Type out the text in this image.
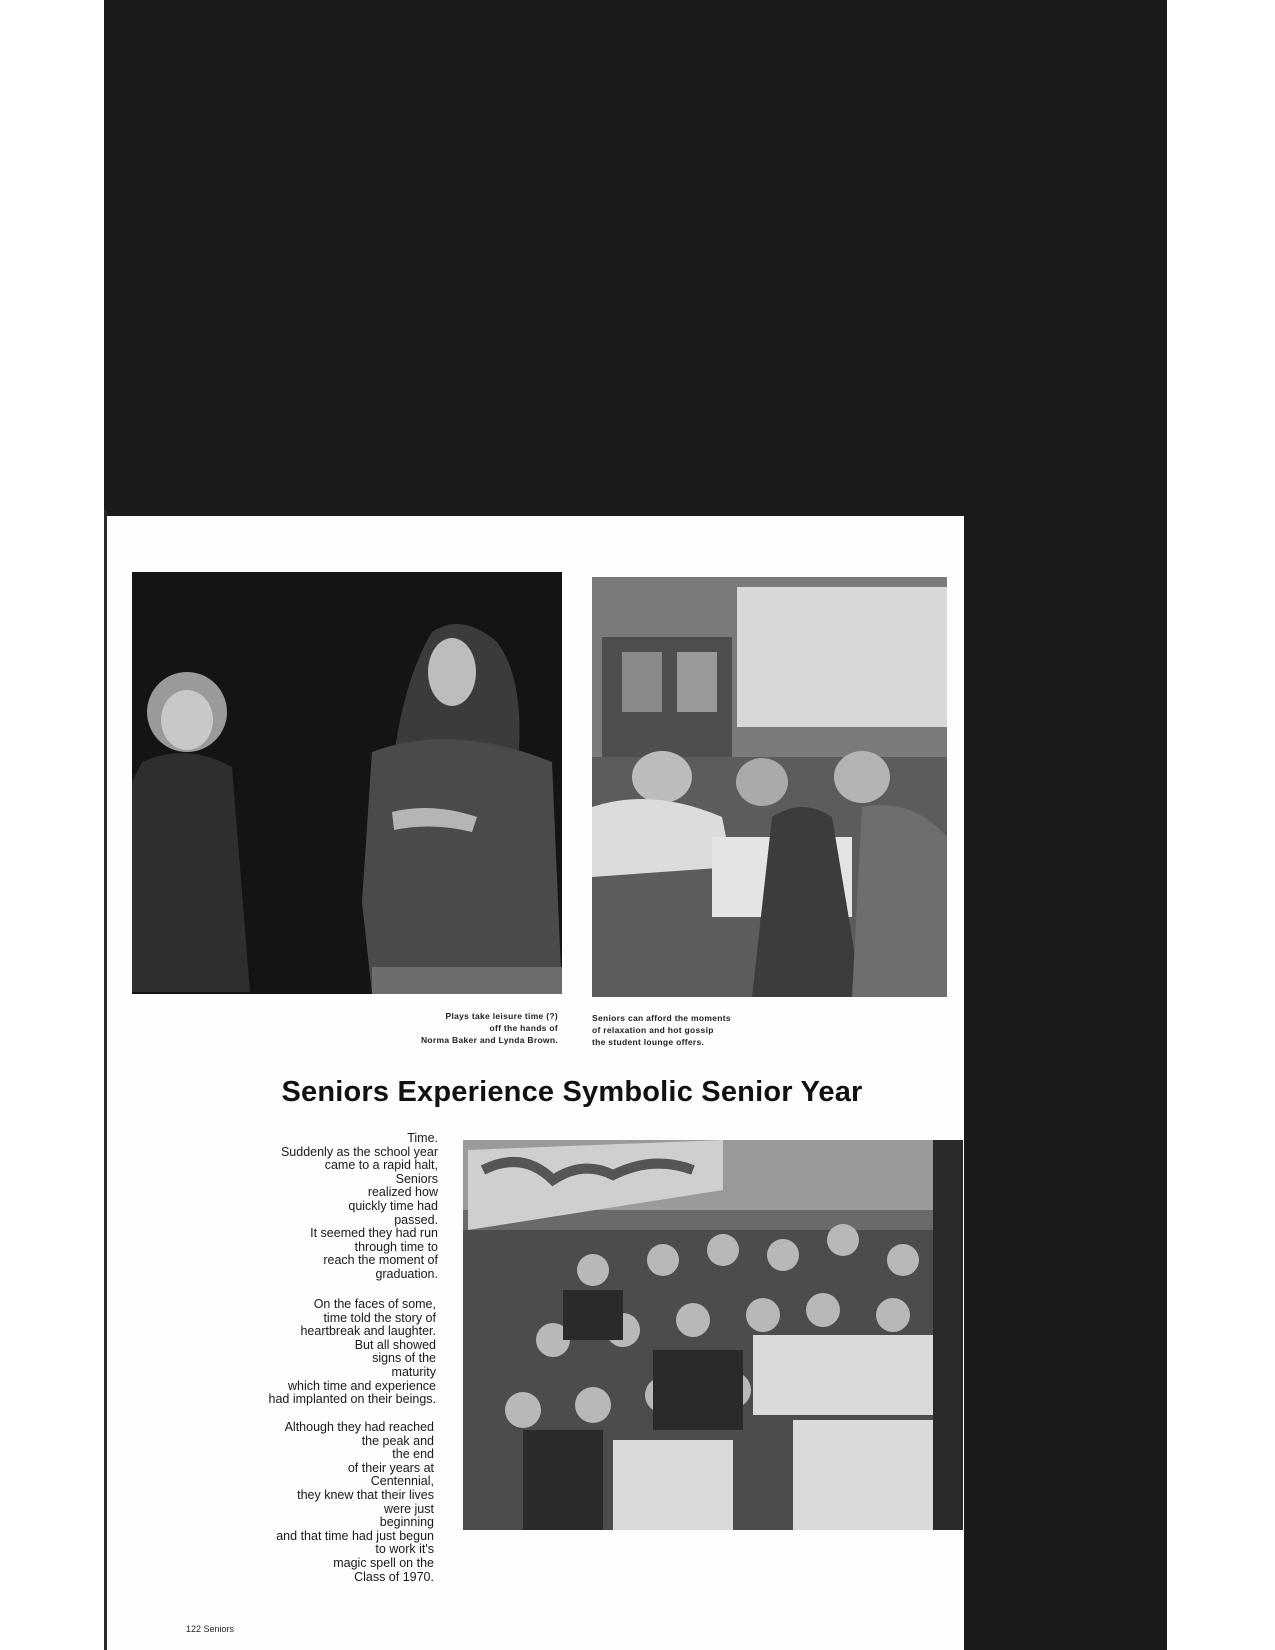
Plays take leisure time (?)
off the hands of
Norma Baker and Lynda Brown.
Seniors can afford the moments
of relaxation and hot gossip
the student lounge offers.
Seniors Experience Symbolic Senior Year
Time.
Suddenly as the school year
came to a rapid halt,
Seniors
realized how
quickly time had
passed.
It seemed they had run
through time to
reach the moment of
graduation.
On the faces of some,
time told the story of
heartbreak and laughter.
But all showed
signs of the
maturity
which time and experience
had implanted on their beings.
Although they had reached
the peak and
the end
of their years at
Centennial,
they knew that their lives
were just
beginning
and that time had just begun
to work it's
magic spell on the
Class of 1970.
122 Seniors
